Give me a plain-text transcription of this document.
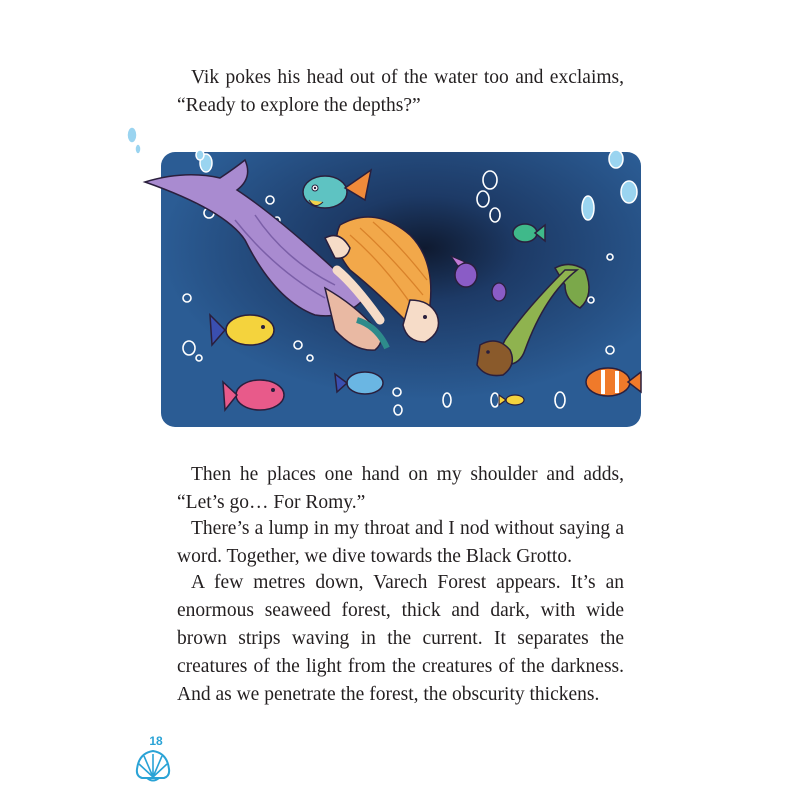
Vik pokes his head out of the water too and exclaims, “Ready to explore the depths?”

Then he places one hand on my shoulder and adds, “Let’s go… For Romy.”

There’s a lump in my throat and I nod without saying a word. Together, we dive towards the Black Grotto.

A few metres down, Varech Forest appears. It’s an enormous seaweed forest, thick and dark, with wide brown strips waving in the current. It separates the creatures of the light from the creatures of the darkness. And as we penetrate the forest, the obscurity thickens.

18
